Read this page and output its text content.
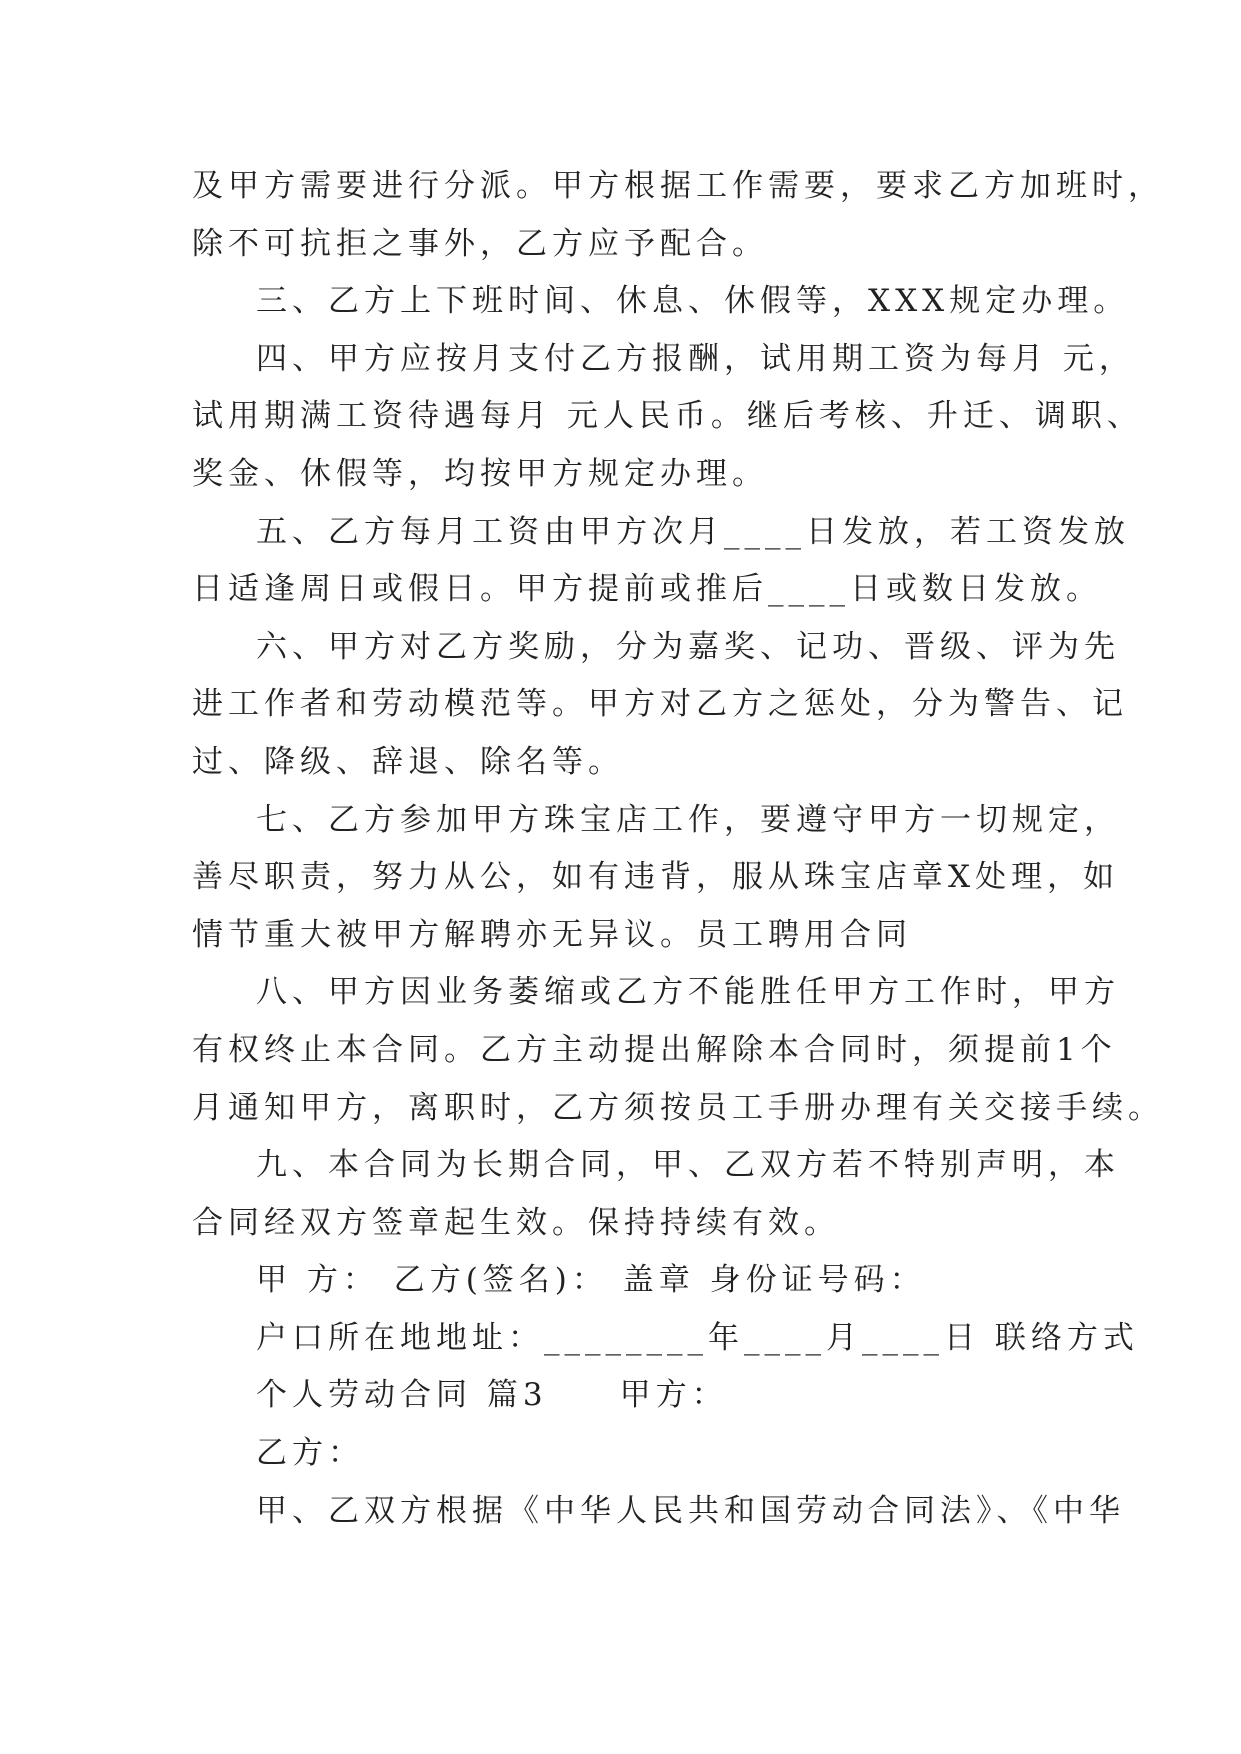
及甲方需要进行分派。甲方根据工作需要，要求乙方加班时，
除不可抗拒之事外，乙方应予配合。
三、乙方上下班时间、休息、休假等，XXX规定办理。
四、甲方应按月支付乙方报酬，试用期工资为每月 元，
试用期满工资待遇每月 元人民币。继后考核、升迁、调职、
奖金、休假等，均按甲方规定办理。
五、乙方每月工资由甲方次月____日发放，若工资发放
日适逢周日或假日。甲方提前或推后____日或数日发放。
六、甲方对乙方奖励，分为嘉奖、记功、晋级、评为先
进工作者和劳动模范等。甲方对乙方之惩处，分为警告、记
过、降级、辞退、除名等。
七、乙方参加甲方珠宝店工作，要遵守甲方一切规定，
善尽职责，努力从公，如有违背，服从珠宝店章X处理，如
情节重大被甲方解聘亦无异议。员工聘用合同
八、甲方因业务萎缩或乙方不能胜任甲方工作时，甲方
有权终止本合同。乙方主动提出解除本合同时，须提前1个
月通知甲方，离职时，乙方须按员工手册办理有关交接手续。
九、本合同为长期合同，甲、乙双方若不特别声明，本
合同经双方签章起生效。保持持续有效。
甲 方： 乙方(签名)： 盖章 身份证号码：
户口所在地地址：________年____月____日 联络方式
个人劳动合同 篇3　　甲方：
乙方：
甲、乙双方根据《中华人民共和国劳动合同法》、《中华
